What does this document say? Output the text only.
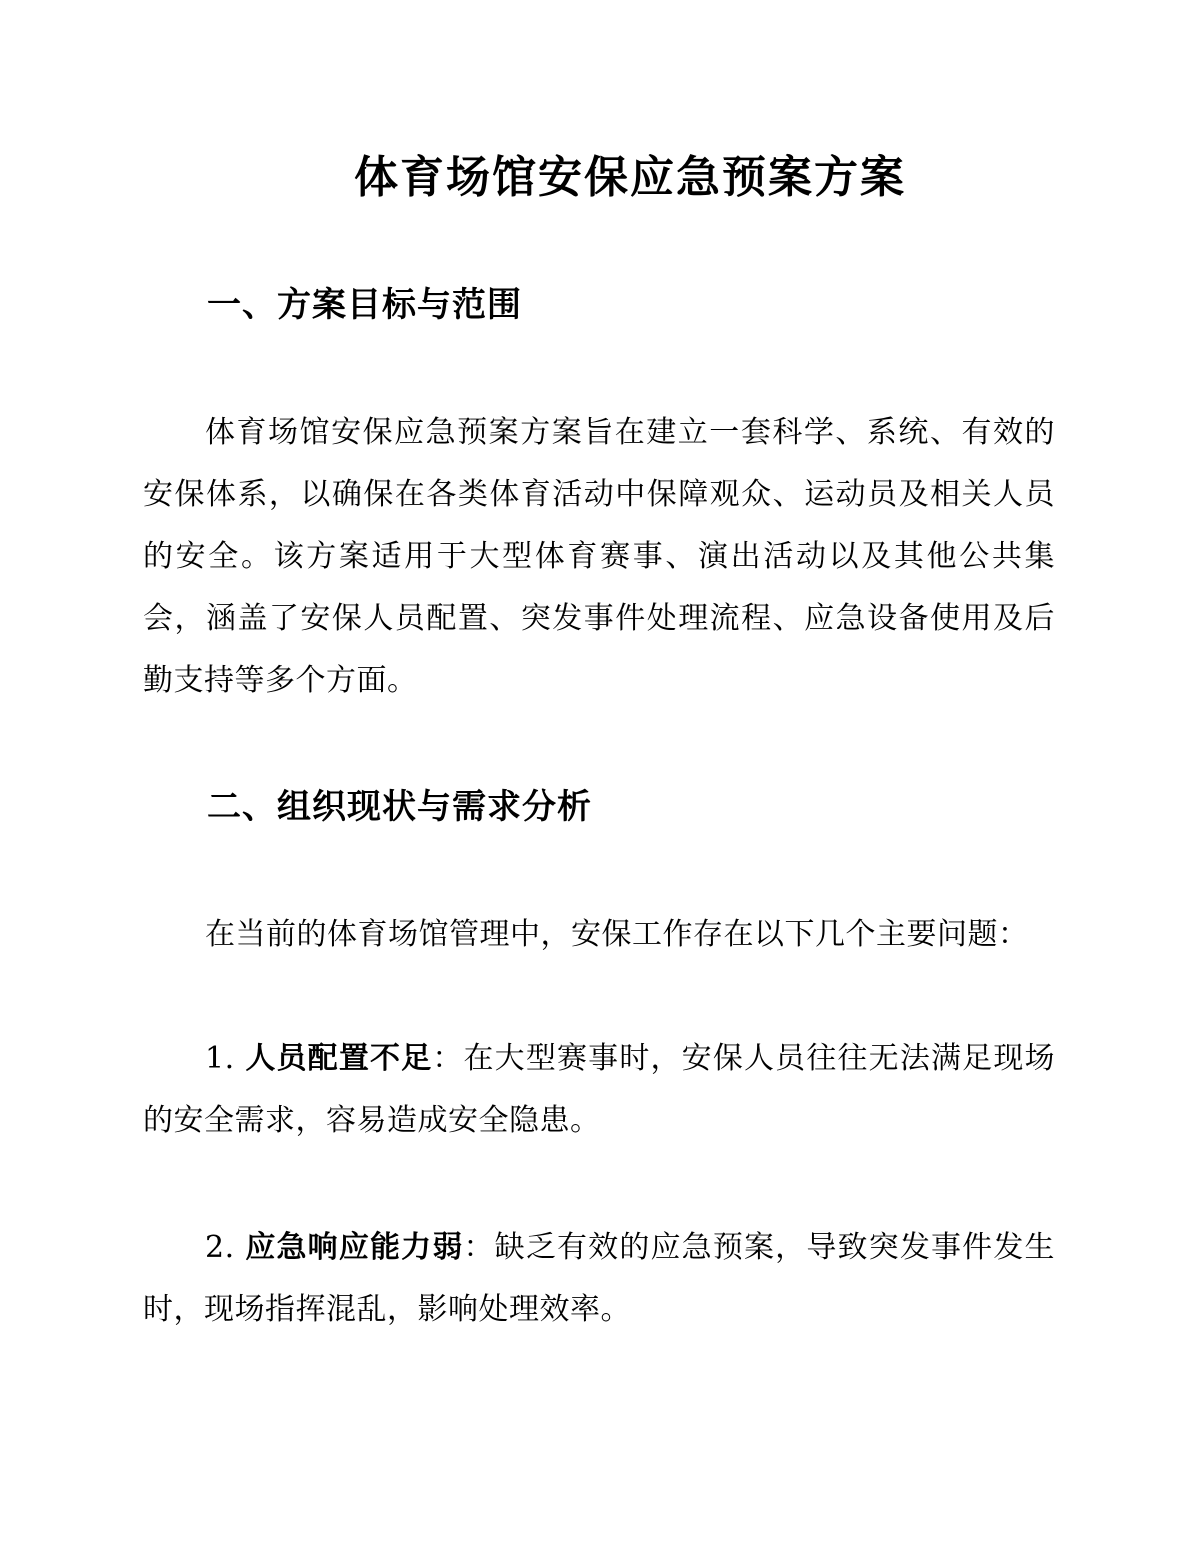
体育场馆安保应急预案方案
一、方案目标与范围

体育场馆安保应急预案方案旨在建立一套科学、系统、有效的安保体系，以确保在各类体育活动中保障观众、运动员及相关人员的安全。该方案适用于大型体育赛事、演出活动以及其他公共集会，涵盖了安保人员配置、突发事件处理流程、应急设备使用及后勤支持等多个方面。

二、组织现状与需求分析

在当前的体育场馆管理中，安保工作存在以下几个主要问题：

1. 人员配置不足：在大型赛事时，安保人员往往无法满足现场的安全需求，容易造成安全隐患。

2. 应急响应能力弱：缺乏有效的应急预案，导致突发事件发生时，现场指挥混乱，影响处理效率。
